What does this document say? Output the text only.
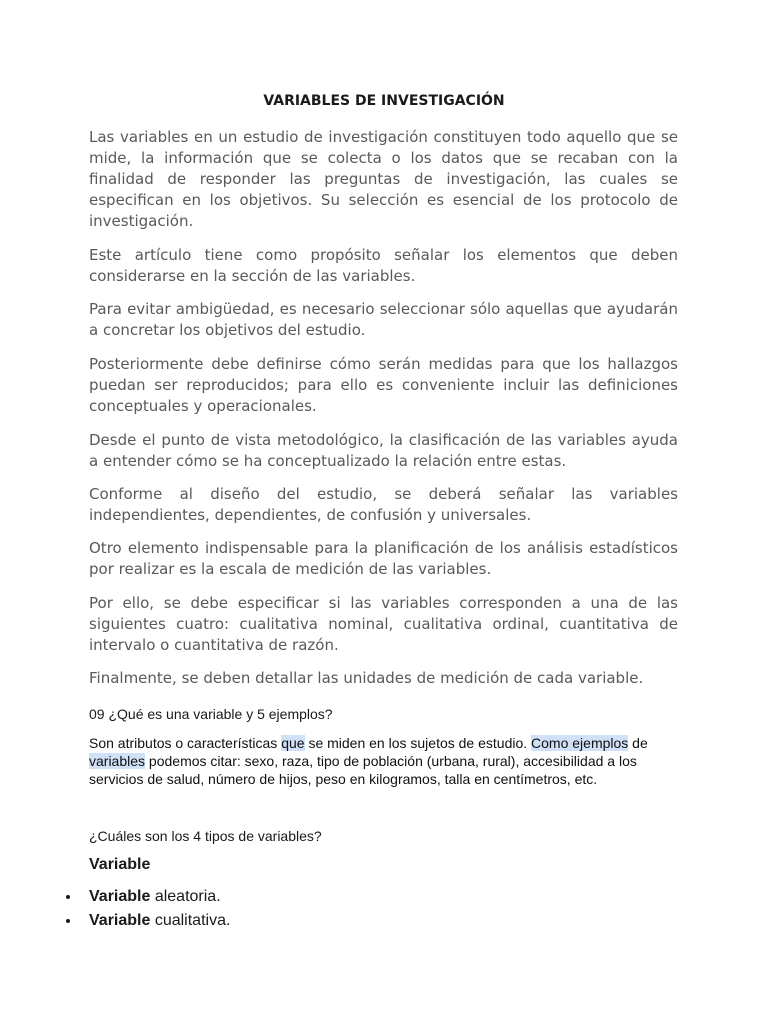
VARIABLES DE INVESTIGACIÓN

Las variables en un estudio de investigación constituyen todo aquello que se mide, la información que se colecta o los datos que se recaban con la finalidad de responder las preguntas de investigación, las cuales se especifican en los objetivos. Su selección es esencial de los protocolo de investigación.

Este artículo tiene como propósito señalar los elementos que deben considerarse en la sección de las variables.

Para evitar ambigüedad, es necesario seleccionar sólo aquellas que ayudarán a concretar los objetivos del estudio.

Posteriormente debe definirse cómo serán medidas para que los hallazgos puedan ser reproducidos; para ello es conveniente incluir las definiciones conceptuales y operacionales.

Desde el punto de vista metodológico, la clasificación de las variables ayuda a entender cómo se ha conceptualizado la relación entre estas.

Conforme al diseño del estudio, se deberá señalar las variables independientes, dependientes, de confusión y universales.

Otro elemento indispensable para la planificación de los análisis estadísticos por realizar es la escala de medición de las variables.

Por ello, se debe especificar si las variables corresponden a una de las siguientes cuatro: cualitativa nominal, cualitativa ordinal, cuantitativa de intervalo o cuantitativa de razón.

Finalmente, se deben detallar las unidades de medición de cada variable.

09 ¿Qué es una variable y 5 ejemplos?

Son atributos o características que se miden en los sujetos de estudio. Como ejemplos de variables podemos citar: sexo, raza, tipo de población (urbana, rural), accesibilidad a los servicios de salud, número de hijos, peso en kilogramos, talla en centímetros, etc.

¿Cuáles son los 4 tipos de variables?

Variable

Variable aleatoria.
Variable cualitativa.
